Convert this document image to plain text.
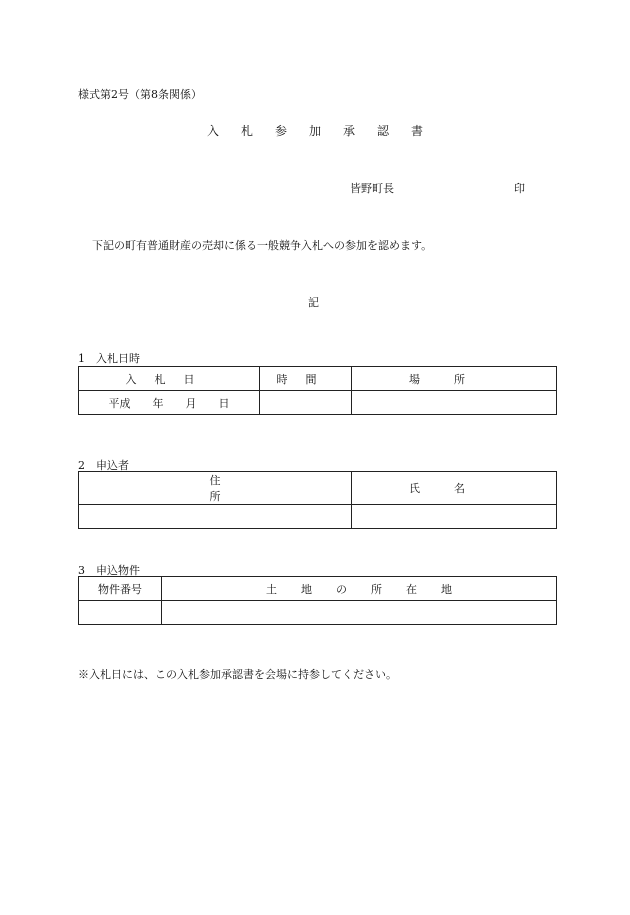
様式第2号（第8条関係）
入札参加承認書
皆野町長	印
下記の町有普通財産の売却に係る一般競争入札への参加を認めます。
記
1　入札日時
入札日	時間	場所
平成　　年　　月　　日		
2　申込者
住所	氏名

3　申込物件
物件番号	土地の所在地

※入札日には、この入札参加承認書を会場に持参してください。
